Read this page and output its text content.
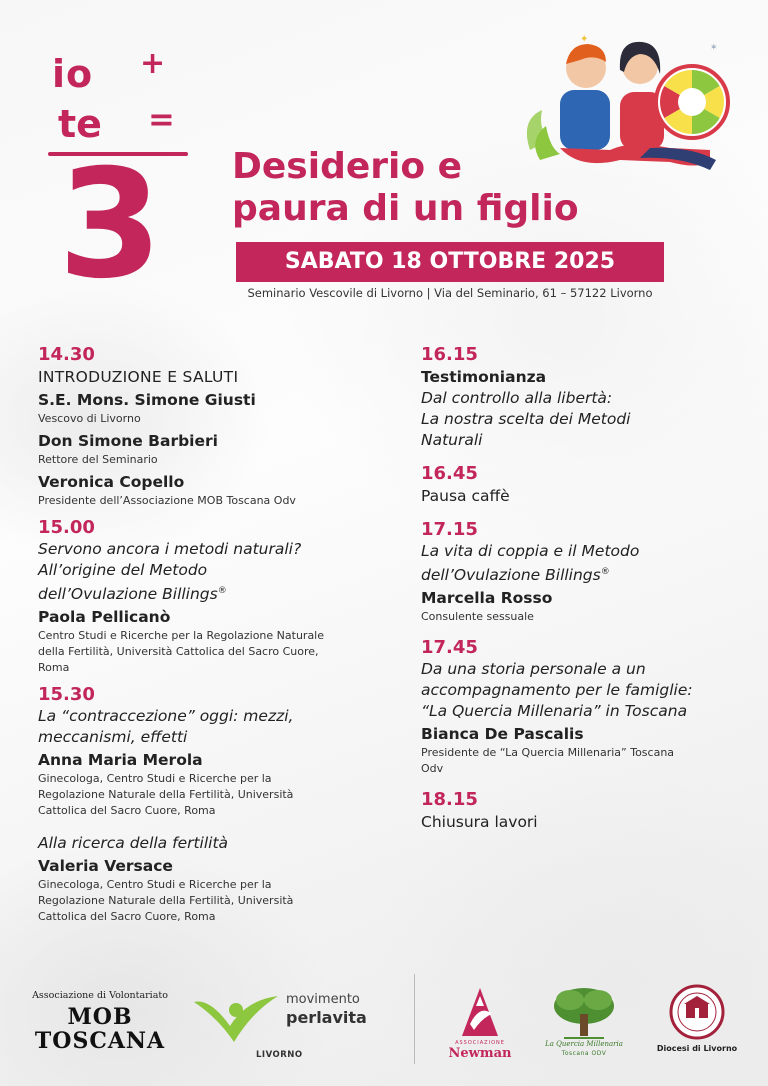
io +
te =
3
✦
✶
Desiderio e
paura di un figlio
SABATO 18 OTTOBRE 2025
Seminario Vescovile di Livorno | Via del Seminario, 61 – 57122 Livorno
14.30
INTRODUZIONE E SALUTI
S.E. Mons. Simone Giusti
Vescovo di Livorno
Don Simone Barbieri
Rettore del Seminario
Veronica Copello
Presidente dell’Associazione MOB Toscana Odv
15.00
Servono ancora i metodi naturali?
All’origine del Metodo
dell’Ovulazione Billings®
Paola Pellicanò
Centro Studi e Ricerche per la Regolazione Naturale
della Fertilità, Università Cattolica del Sacro Cuore,
Roma
15.30
La “contraccezione” oggi: mezzi,
meccanismi, effetti
Anna Maria Merola
Ginecologa, Centro Studi e Ricerche per la
Regolazione Naturale della Fertilità, Università
Cattolica del Sacro Cuore, Roma
Alla ricerca della fertilità
Valeria Versace
Ginecologa, Centro Studi e Ricerche per la
Regolazione Naturale della Fertilità, Università
Cattolica del Sacro Cuore, Roma
16.15
Testimonianza
Dal controllo alla libertà:
La nostra scelta dei Metodi
Naturali
16.45
Pausa caffè
17.15
La vita di coppia e il Metodo
dell’Ovulazione Billings®
Marcella Rosso
Consulente sessuale
17.45
Da una storia personale a un
accompagnamento per le famiglie:
“La Quercia Millenaria” in Toscana
Bianca De Pascalis
Presidente de “La Quercia Millenaria” Toscana
Odv
18.15
Chiusura lavori
Associazione di Volontariato
MOB
TOSCANA
movimento
perlavita
LIVORNO
ASSOCIAZIONE
Newman
La Quercia Millenaria
Toscana ODV
Diocesi di Livorno
